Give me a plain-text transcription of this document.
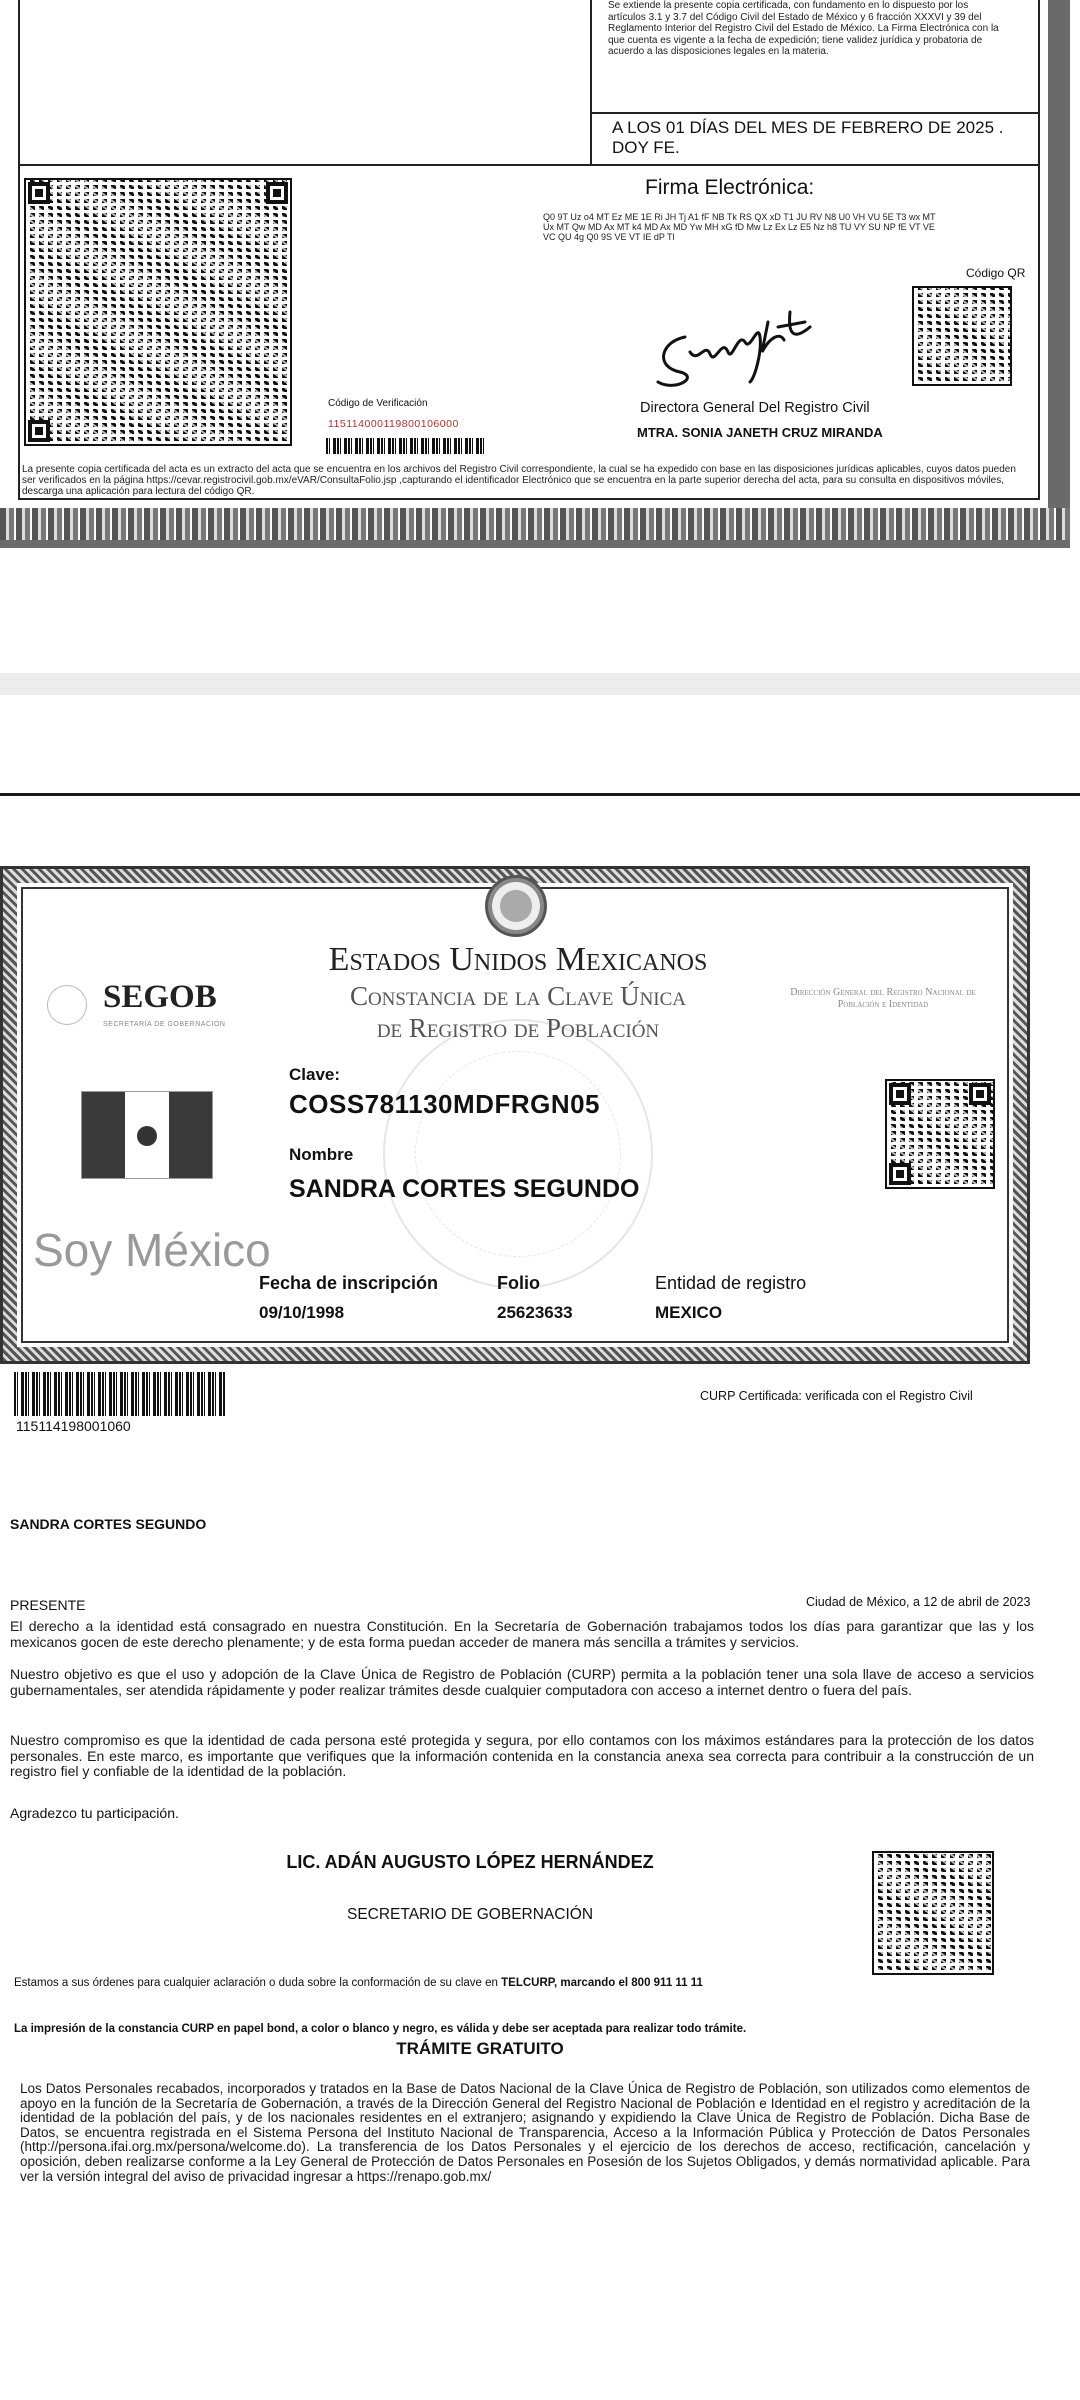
Se extiende la presente copia certificada, con fundamento en lo dispuesto por los artículos 3.1 y 3.7 del Código Civil del Estado de México y 6 fracción XXXVI y 39 del Reglamento Interior del Registro Civil del Estado de México. La Firma Electrónica con la que cuenta es vigente a la fecha de expedición; tiene validez jurídica y probatoria de acuerdo a las disposiciones legales en la materia.
A LOS 01 DÍAS DEL MES DE FEBRERO DE 2025 . DOY FE.
Firma Electrónica:
Q0 9T Uz o4 MT Ez ME 1E Ri JH Tj A1 fF NB Tk RS QX xD T1 JU RV N8 U0 VH VU 5E T3 wx MT Ux MT Qw MD Ax MT k4 MD Ax MD Yw MH xG fD Mw Lz Ex Lz E5 Nz h8 TU VY SU NP fE VT VE VC QU 4g Q0 9S VE VT IE dP Tl
Código QR
Código de Verificación
115114000119800106000
Directora General Del Registro Civil
MTRA. SONIA JANETH CRUZ MIRANDA
La presente copia certificada del acta es un extracto del acta que se encuentra en los archivos del Registro Civil correspondiente, la cual se ha expedido con base en las disposiciones jurídicas aplicables, cuyos datos pueden ser verificados en la página https://cevar.registrocivil.gob.mx/eVAR/ConsultaFolio.jsp ,capturando el identificador Electrónico que se encuentra en la parte superior derecha del acta, para su consulta en dispositivos móviles, descarga una aplicación para lectura del código QR.
Estados Unidos Mexicanos
Constancia de la Clave Única
de Registro de Población
SEGOB
SECRETARÍA DE GOBERNACIÓN
Dirección General del Registro Nacional de Población e Identidad
Clave:
COSS781130MDFRGN05
Nombre
SANDRA CORTES SEGUNDO
Soy México
Fecha de inscripción
09/10/1998
Folio
25623633
Entidad de registro
MEXICO
115114198001060
CURP Certificada: verificada con el Registro Civil
SANDRA CORTES SEGUNDO
PRESENTE	Ciudad de México, a 12 de abril de 2023
El derecho a la identidad está consagrado en nuestra Constitución. En la Secretaría de Gobernación trabajamos todos los días para garantizar que las y los mexicanos gocen de este derecho plenamente; y de esta forma puedan acceder de manera más sencilla a trámites y servicios.
Nuestro objetivo es que el uso y adopción de la Clave Única de Registro de Población (CURP) permita a la población tener una sola llave de acceso a servicios gubernamentales, ser atendida rápidamente y poder realizar trámites desde cualquier computadora con acceso a internet dentro o fuera del país.
Nuestro compromiso es que la identidad de cada persona esté protegida y segura, por ello contamos con los máximos estándares para la protección de los datos personales. En este marco, es importante que verifiques que la información contenida en la constancia anexa sea correcta para contribuir a la construcción de un registro fiel y confiable de la identidad de la población.
Agradezco tu participación.
LIC. ADÁN AUGUSTO LÓPEZ HERNÁNDEZ
SECRETARIO DE GOBERNACIÓN
Estamos a sus órdenes para cualquier aclaración o duda sobre la conformación de su clave en TELCURP, marcando el 800 911 11 11
La impresión de la constancia CURP en papel bond, a color o blanco y negro, es válida y debe ser aceptada para realizar todo trámite.
TRÁMITE GRATUITO
Los Datos Personales recabados, incorporados y tratados en la Base de Datos Nacional de la Clave Única de Registro de Población, son utilizados como elementos de apoyo en la función de la Secretaría de Gobernación, a través de la Dirección General del Registro Nacional de Población e Identidad en el registro y acreditación de la identidad de la población del país, y de los nacionales residentes en el extranjero; asignando y expidiendo la Clave Única de Registro de Población. Dicha Base de Datos, se encuentra registrada en el Sistema Persona del Instituto Nacional de Transparencia, Acceso a la Información Pública y Protección de Datos Personales (http://persona.ifai.org.mx/persona/welcome.do). La transferencia de los Datos Personales y el ejercicio de los derechos de acceso, rectificación, cancelación y oposición, deben realizarse conforme a la Ley General de Protección de Datos Personales en Posesión de los Sujetos Obligados, y demás normatividad aplicable. Para ver la versión integral del aviso de privacidad ingresar a https://renapo.gob.mx/
